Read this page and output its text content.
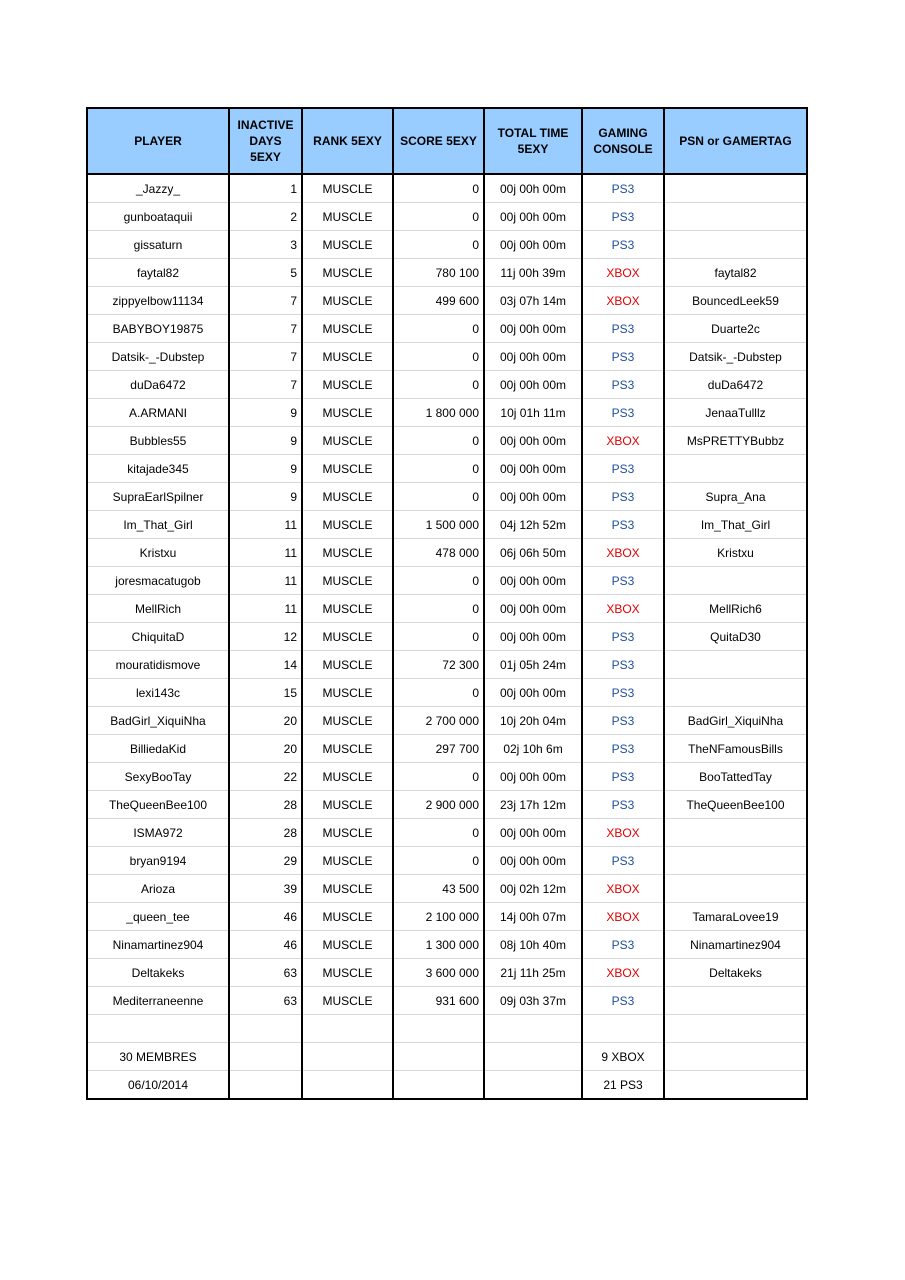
PLAYER	INACTIVE DAYS 5EXY	RANK 5EXY	SCORE 5EXY	TOTAL TIME 5EXY	GAMING CONSOLE	PSN or GAMERTAG
_Jazzy_	1	MUSCLE	0	00j 00h 00m	PS3	
gunboataquii	2	MUSCLE	0	00j 00h 00m	PS3	
gissaturn	3	MUSCLE	0	00j 00h 00m	PS3	
faytal82	5	MUSCLE	780 100	11j 00h 39m	XBOX	faytal82
zippyelbow11134	7	MUSCLE	499 600	03j 07h 14m	XBOX	BouncedLeek59
BABYBOY19875	7	MUSCLE	0	00j 00h 00m	PS3	Duarte2c
Datsik-_-Dubstep	7	MUSCLE	0	00j 00h 00m	PS3	Datsik-_-Dubstep
duDa6472	7	MUSCLE	0	00j 00h 00m	PS3	duDa6472
A.ARMANI	9	MUSCLE	1 800 000	10j 01h 11m	PS3	JenaaTulllz
Bubbles55	9	MUSCLE	0	00j 00h 00m	XBOX	MsPRETTYBubbz
kitajade345	9	MUSCLE	0	00j 00h 00m	PS3	
SupraEarlSpilner	9	MUSCLE	0	00j 00h 00m	PS3	Supra_Ana
Im_That_Girl	11	MUSCLE	1 500 000	04j 12h 52m	PS3	Im_That_Girl
Kristxu	11	MUSCLE	478 000	06j 06h 50m	XBOX	Kristxu
joresmacatugob	11	MUSCLE	0	00j 00h 00m	PS3	
MellRich	11	MUSCLE	0	00j 00h 00m	XBOX	MellRich6
ChiquitaD	12	MUSCLE	0	00j 00h 00m	PS3	QuitaD30
mouratidismove	14	MUSCLE	72 300	01j 05h 24m	PS3	
lexi143c	15	MUSCLE	0	00j 00h 00m	PS3	
BadGirl_XiquiNha	20	MUSCLE	2 700 000	10j 20h 04m	PS3	BadGirl_XiquiNha
BilliedaKid	20	MUSCLE	297 700	02j 10h 6m	PS3	TheNFamousBills
SexyBooTay	22	MUSCLE	0	00j 00h 00m	PS3	BooTattedTay
TheQueenBee100	28	MUSCLE	2 900 000	23j 17h 12m	PS3	TheQueenBee100
ISMA972	28	MUSCLE	0	00j 00h 00m	XBOX	
bryan9194	29	MUSCLE	0	00j 00h 00m	PS3	
Arioza	39	MUSCLE	43 500	00j 02h 12m	XBOX	
_queen_tee	46	MUSCLE	2 100 000	14j 00h 07m	XBOX	TamaraLovee19
Ninamartinez904	46	MUSCLE	1 300 000	08j 10h 40m	PS3	Ninamartinez904
Deltakeks	63	MUSCLE	3 600 000	21j 11h 25m	XBOX	Deltakeks
Mediterraneenne	63	MUSCLE	931 600	09j 03h 37m	PS3	

30 MEMBRES					9 XBOX	
06/10/2014					21 PS3	
